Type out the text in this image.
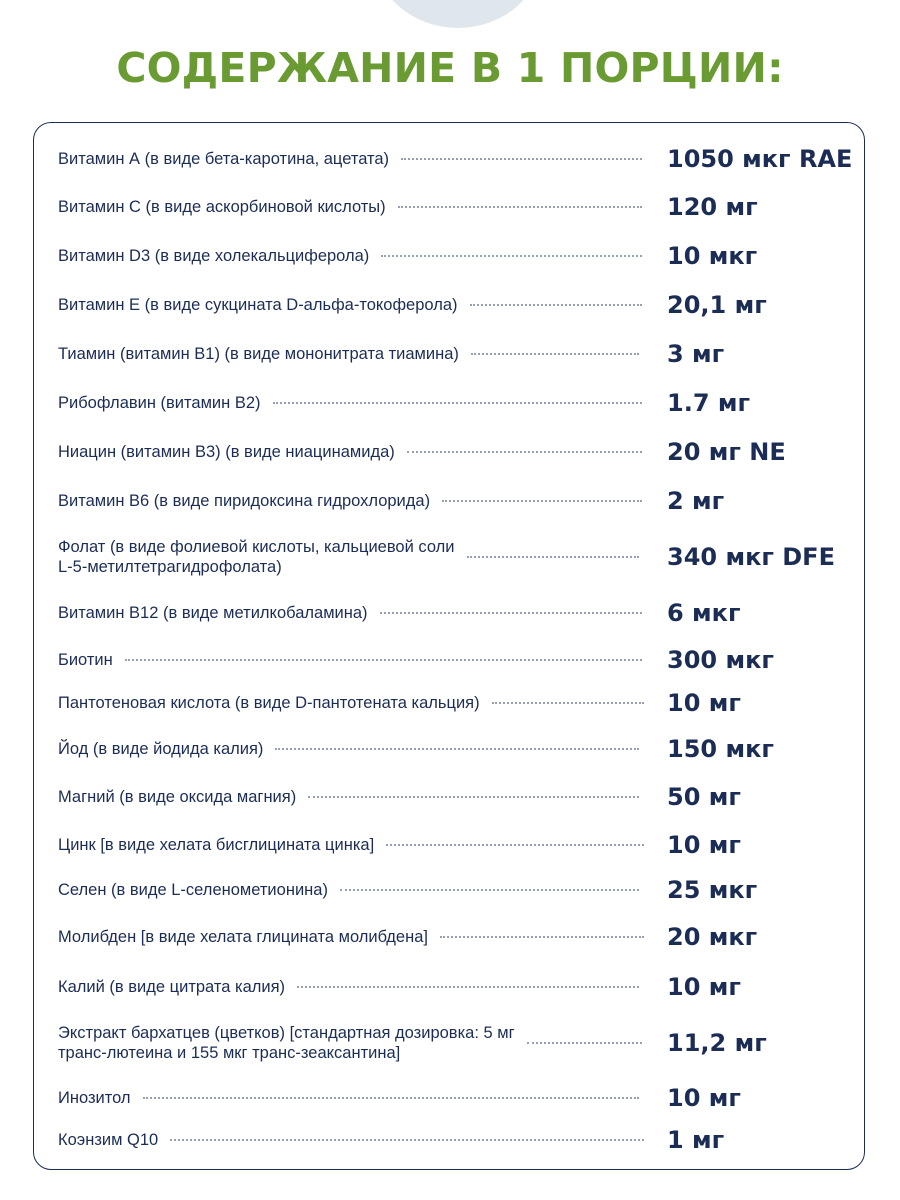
СОДЕРЖАНИЕ В 1 ПОРЦИИ:
Витамин А (в виде бета-каротина, ацетата)	1050 мкг RAE
Витамин С (в виде аскорбиновой кислоты)	120 мг
Витамин D3 (в виде холекальциферола)	10 мкг
Витамин Е (в виде сукцината D-альфа-токоферола)	20,1 мг
Тиамин (витамин В1) (в виде мононитрата тиамина)	3 мг
Рибофлавин (витамин В2)	1.7 мг
Ниацин (витамин В3) (в виде ниацинамида)	20 мг NE
Витамин В6 (в виде пиридоксина гидрохлорида)	2 мг
Фолат (в виде фолиевой кислоты, кальциевой соли
L-5-метилтетрагидрофолата)	340 мкг DFE
Витамин В12 (в виде метилкобаламина)	6 мкг
Биотин	300 мкг
Пантотеновая кислота (в виде D-пантотената кальция)	10 мг
Йод (в виде йодида калия)	150 мкг
Магний (в виде оксида магния)	50 мг
Цинк [в виде хелата бисглицината цинка]	10 мг
Селен (в виде L-селенометионина)	25 мкг
Молибден [в виде хелата глицината молибдена]	20 мкг
Калий (в виде цитрата калия)	10 мг
Экстракт бархатцев (цветков) [стандартная дозировка: 5 мг
транс-лютеина и 155 мкг транс-зеаксантина]	11,2 мг
Инозитол	10 мг
Коэнзим Q10	1 мг
